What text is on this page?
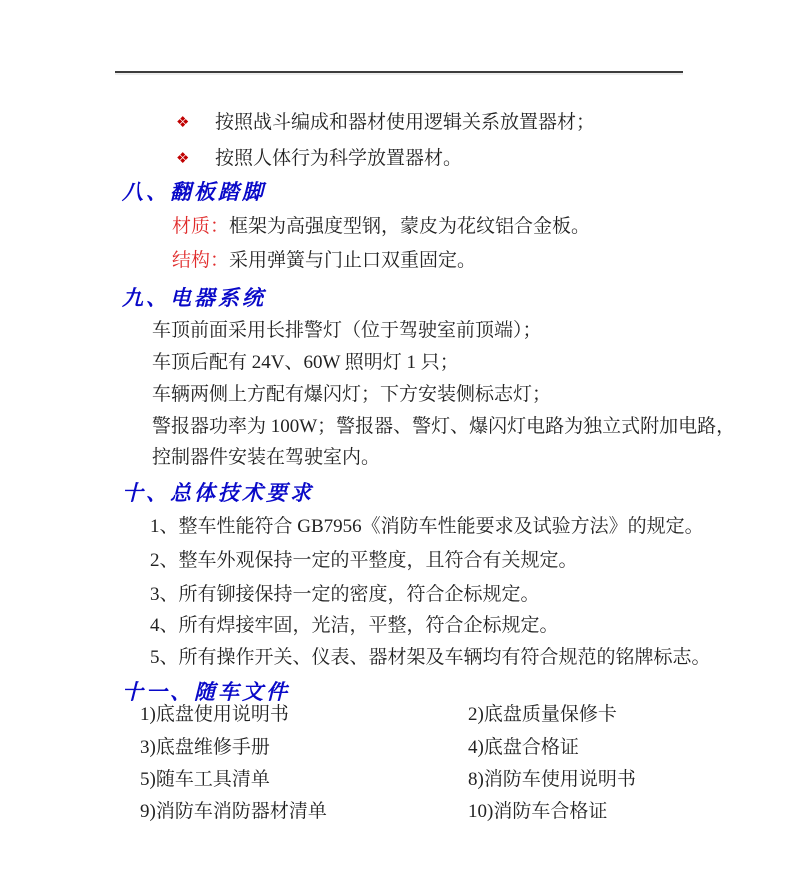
❖ 按照战斗编成和器材使用逻辑关系放置器材；
❖ 按照人体行为科学放置器材。
八、翻板踏脚
材质：框架为高强度型钢，蒙皮为花纹铝合金板。
结构：采用弹簧与门止口双重固定。
九、电器系统
车顶前面采用长排警灯（位于驾驶室前顶端）；
车顶后配有 24V、60W 照明灯 1 只；
车辆两侧上方配有爆闪灯；下方安装侧标志灯；
警报器功率为 100W；警报器、警灯、爆闪灯电路为独立式附加电路，
控制器件安装在驾驶室内。
十、总体技术要求
1、整车性能符合 GB7956《消防车性能要求及试验方法》的规定。
2、整车外观保持一定的平整度，且符合有关规定。
3、所有铆接保持一定的密度，符合企标规定。
4、所有焊接牢固，光洁，平整，符合企标规定。
5、所有操作开关、仪表、器材架及车辆均有符合规范的铭牌标志。
十一、随车文件
1)底盘使用说明书	2)底盘质量保修卡
3)底盘维修手册	4)底盘合格证
5)随车工具清单	8)消防车使用说明书
9)消防车消防器材清单	10)消防车合格证
